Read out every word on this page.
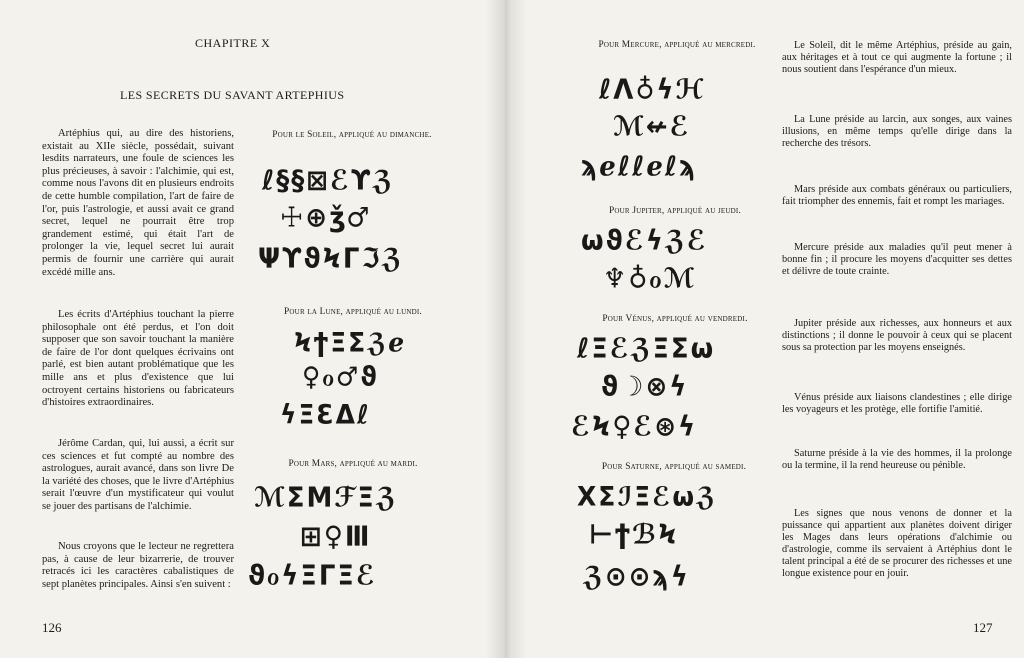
CHAPITRE X
LES SECRETS DU SAVANT ARTEPHIUS

Artéphius qui, au dire des historiens, existait au XIIe siècle, possédait, suivant lesdits narrateurs, une foule de sciences les plus précieuses, à savoir : l'alchimie, qui est, comme nous l'avons dit en plusieurs endroits de cette humble compilation, l'art de faire de l'or, puis l'astrologie, et aussi avait ce grand secret, lequel ne pourrait être trop grandement estimé, qui était l'art de prolonger la vie, lequel secret lui aurait permis de fournir une carrière qui aurait excédé mille ans.

Les écrits d'Artéphius touchant la pierre philosophale ont été perdus, et l'on doit supposer que son savoir touchant la manière de faire de l'or dont quelques écrivains ont parlé, est bien autant problématique que les mille ans et plus d'existence que lui octroyent certains historiens ou fabricateurs d'histoires extraordinaires.

Jérôme Cardan, qui, lui aussi, a écrit sur ces sciences et fut compté au nombre des astrologues, aurait avancé, dans son livre De la variété des choses, que le livre d'Artéphius serait l'œuvre d'un mystificateur qui voulut se jouer des partisans de l'alchimie.

Nous croyons que le lecteur ne regrettera pas, à cause de leur bizarrerie, de trouver retracés ici les caractères cabalistiques de sept planètes principales. Ainsi s'en suivent :

Pour le Soleil, appliqué au dimanche.
ℓ§§⊠ℰϒℨ
☩⊕ǯ♂
ΨϒϑϞΓℑℨ
Pour la Lune, appliqué au lundi.
ϞϯΞΣℨℯ
♀ℴ♂ϑ
ϟΞƐΔℓ
Pour Mars, appliqué au mardi.
ℳΣMℱΞℨ
⊞♀Ⅲ
ϑℴϟΞΓΞℰ
126
Pour Mercure, appliqué au mercredi.
ℓΛ♁ϟℋ
ℳ↚ℰ
ϡℯℓℓℯℓϡ
Pour Jupiter, appliqué au jeudi.
ωϑℰϟℨℰ
♆♁ℴℳ
Pour Vénus, appliqué au vendredi.
ℓΞℰℨΞΣω
ϑ☽⊗ϟ
ℰϞ♀ℰ⊛ϟ
Pour Saturne, appliqué au samedi.
ΧΣℐΞℰωℨ
⊢ϯℬϞ
ℨ⊙⊙ϡϟ

Le Soleil, dit le même Artéphius, préside au gain, aux héritages et à tout ce qui augmente la fortune ; il nous soutient dans l'espérance d'un mieux.

La Lune préside au larcin, aux songes, aux vaines illusions, en même temps qu'elle dirige dans la recherche des trésors.

Mars préside aux combats généraux ou particuliers, fait triompher des ennemis, fait et rompt les mariages.

Mercure préside aux maladies qu'il peut mener à bonne fin ; il procure les moyens d'acquitter ses dettes et délivre de toute crainte.

Jupiter préside aux richesses, aux honneurs et aux distinctions ; il donne le pouvoir à ceux qui se placent sous sa protection par les moyens enseignés.

Vénus préside aux liaisons clandestines ; elle dirige les voyageurs et les protège, elle fortifie l'amitié.

Saturne préside à la vie des hommes, il la prolonge ou la termine, il la rend heureuse ou pénible.

Les signes que nous venons de donner et la puissance qui appartient aux planètes doivent diriger les Mages dans leurs opérations d'alchimie ou d'astrologie, comme ils servaient à Artéphius dont le talent principal a été de se procurer des richesses et une longue existence pour en jouir.

127
